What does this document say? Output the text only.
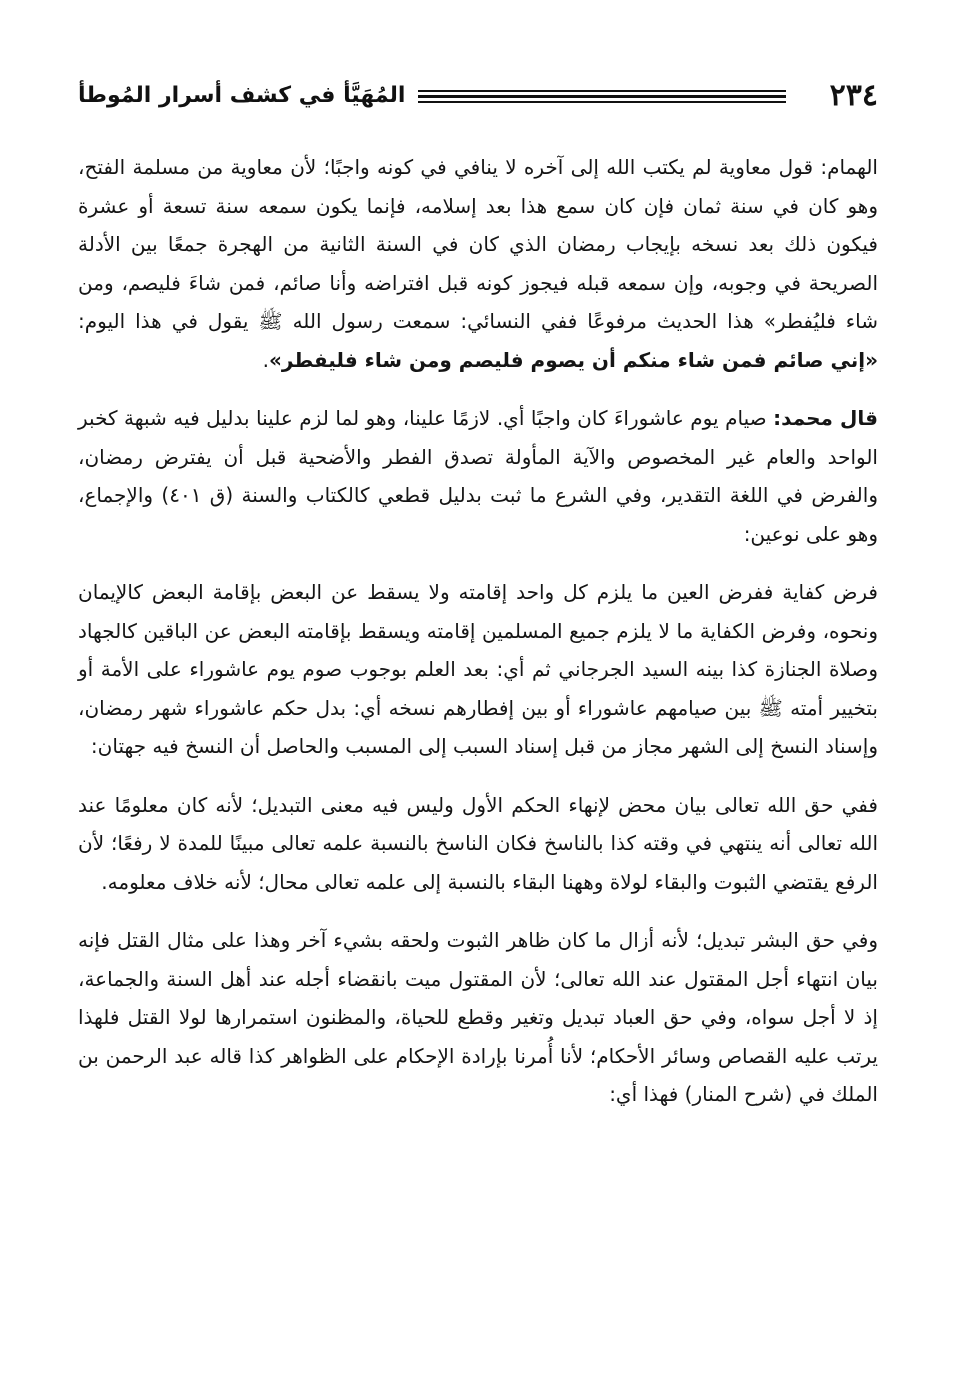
٢٣٤
المُهَيَّأ في كشف أسرار المُوطأ

الهمام: قول معاوية لم يكتب الله إلى آخره لا ينافي في كونه واجبًا؛ لأن معاوية من مسلمة الفتح، وهو كان في سنة ثمان فإن كان سمع هذا بعد إسلامه، فإنما يكون سمعه سنة تسعة أو عشرة فيكون ذلك بعد نسخه بإيجاب رمضان الذي كان في السنة الثانية من الهجرة جمعًا بين الأدلة الصريحة في وجوبه، وإن سمعه قبله فيجوز كونه قبل افتراضه وأنا صائم، فمن شاءَ فليصم، ومن شاء فليُفطر» هذا الحديث مرفوعًا ففي النسائي: سمعت رسول الله ﷺ يقول في هذا اليوم: «إني صائم فمن شاء منكم أن يصوم فليصم ومن شاء فليفطر».

قال محمد: صيام يوم عاشوراءَ كان واجبًا أي. لازمًا علينا، وهو لما لزم علينا بدليل فيه شبهة كخبر الواحد والعام غير المخصوص والآية المأولة تصدق الفطر والأضحية قبل أن يفترض رمضان، والفرض في اللغة التقدير، وفي الشرع ما ثبت بدليل قطعي كالكتاب والسنة (ق ٤٠١) والإجماع، وهو على نوعين:

فرض كفاية ففرض العين ما يلزم كل واحد إقامته ولا يسقط عن البعض بإقامة البعض كالإيمان ونحوه، وفرض الكفاية ما لا يلزم جميع المسلمين إقامته ويسقط بإقامته البعض عن الباقين كالجهاد وصلاة الجنازة كذا بينه السيد الجرجاني ثم أي: بعد العلم بوجوب صوم يوم عاشوراء على الأمة أو بتخيير أمته ﷺ بين صيامهم عاشوراء أو بين إفطارهم نسخه أي: بدل حكم عاشوراء شهر رمضان، وإسناد النسخ إلى الشهر مجاز من قبل إسناد السبب إلى المسبب والحاصل أن النسخ فيه جهتان:

ففي حق الله تعالى بيان محض لإنهاء الحكم الأول وليس فيه معنى التبديل؛ لأنه كان معلومًا عند الله تعالى أنه ينتهي في وقته كذا بالناسخ فكان الناسخ بالنسبة علمه تعالى مبينًا للمدة لا رفعًا؛ لأن الرفع يقتضي الثبوت والبقاء لولاة وههنا البقاء بالنسبة إلى علمه تعالى محال؛ لأنه خلاف معلومه.

وفي حق البشر تبديل؛ لأنه أزال ما كان ظاهر الثبوت ولحقه بشيء آخر وهذا على مثال القتل فإنه بيان انتهاء أجل المقتول عند الله تعالى؛ لأن المقتول ميت بانقضاء أجله عند أهل السنة والجماعة، إذ لا أجل سواه، وفي حق العباد تبديل وتغير وقطع للحياة، والمظنون استمرارها لولا القتل فلهذا يرتب عليه القصاص وسائر الأحكام؛ لأنا أُمرنا بإرادة الإحكام على الظواهر كذا قاله عبد الرحمن بن الملك في (شرح المنار) فهذا أي:
